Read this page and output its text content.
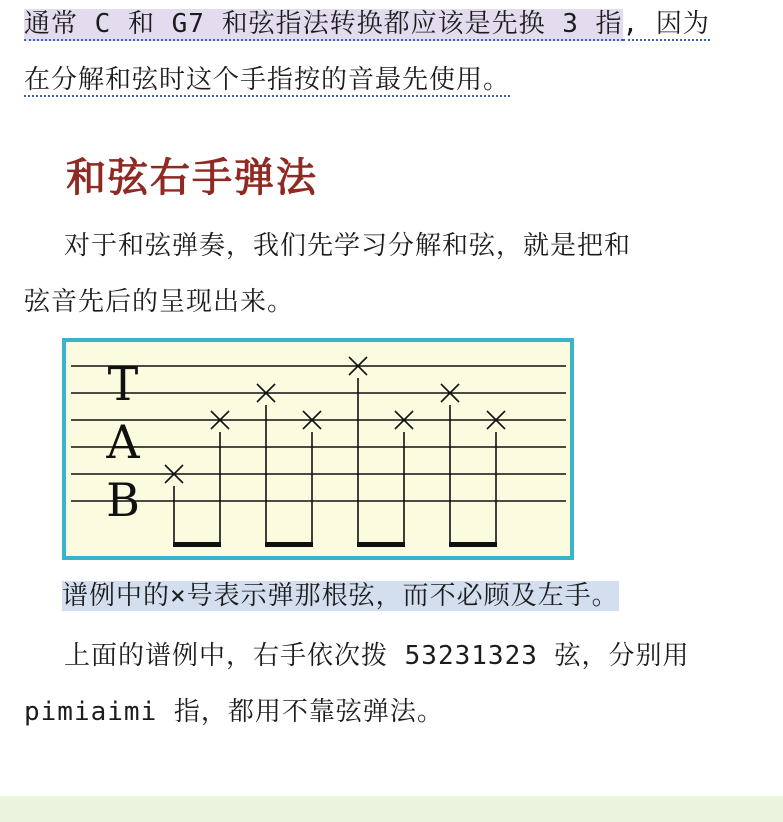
通常 C 和 G7 和弦指法转换都应该是先换 3 指, 因为
在分解和弦时这个手指按的音最先使用。
和弦右手弹法
对于和弦弹奏，我们先学习分解和弦，就是把和
弦音先后的呈现出来。
T
A
B
谱例中的×号表示弹那根弦，而不必顾及左手。
上面的谱例中，右手依次拨 53231323 弦，分别用
pimiaimi 指，都用不靠弦弹法。
